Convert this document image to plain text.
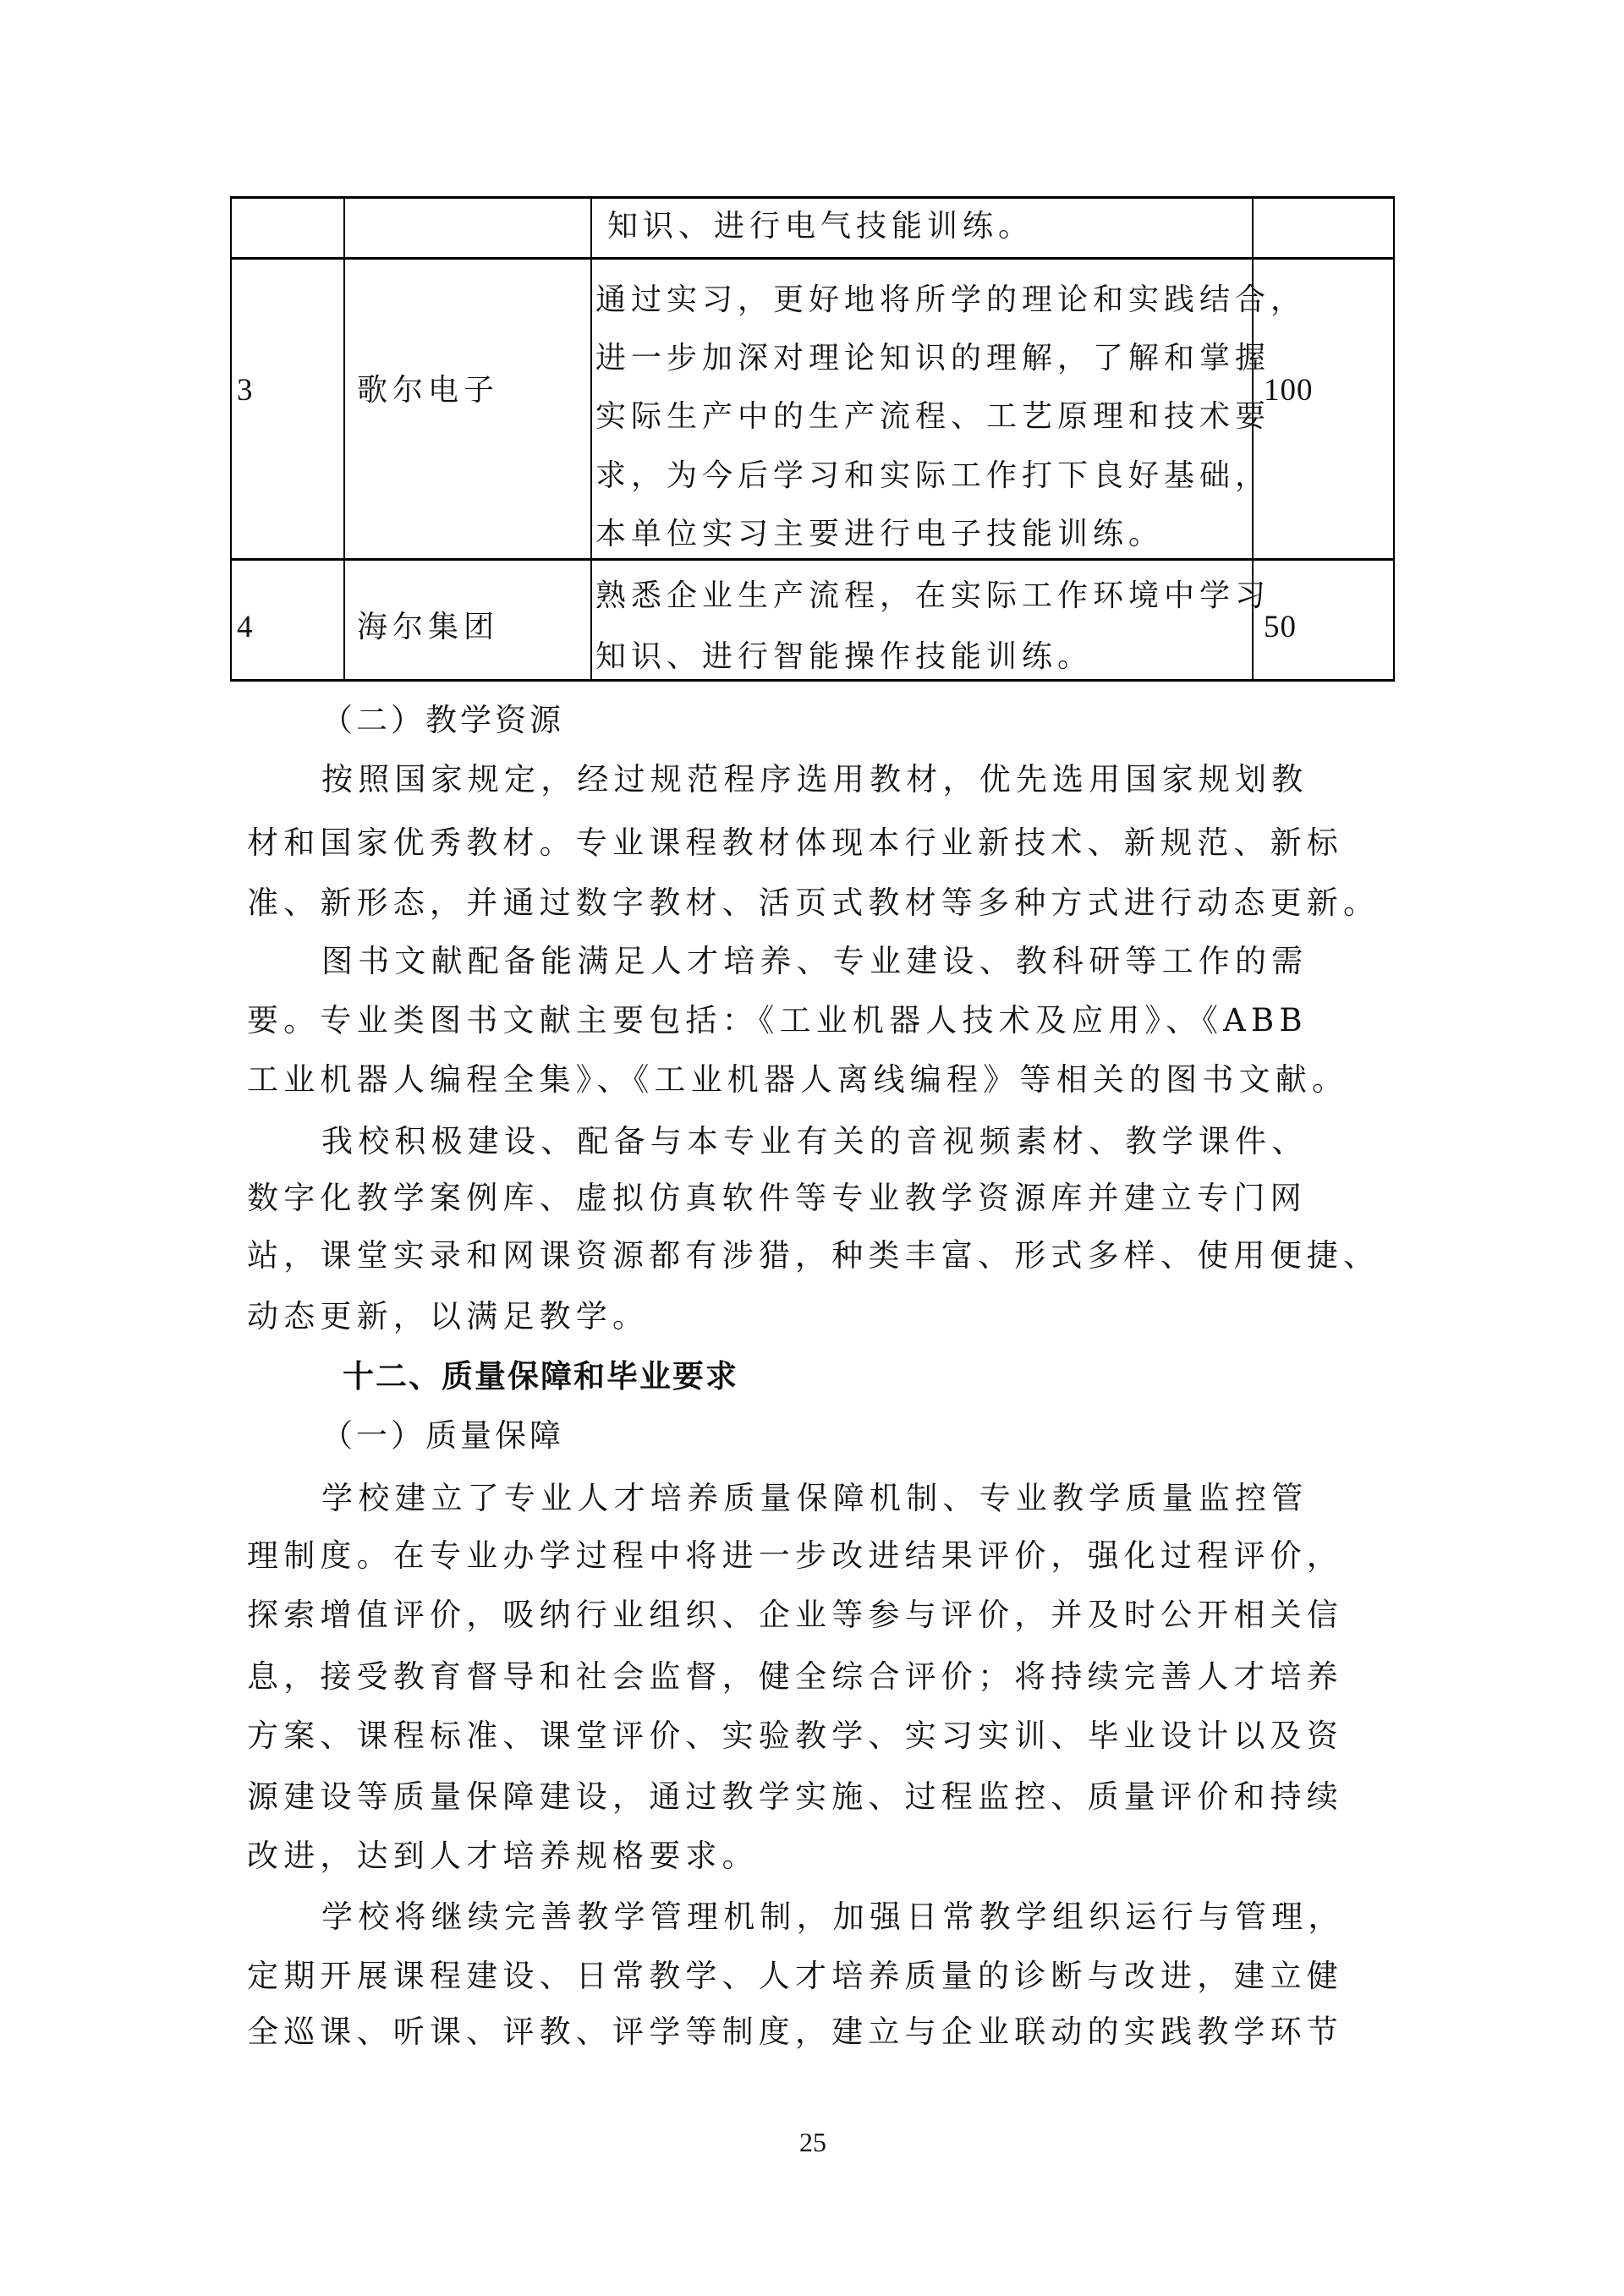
知识、进行电气技能训练。
3	歌尔电子
通过实习，更好地将所学的理论和实践结合，
进一步加深对理论知识的理解，了解和掌握
实际生产中的生产流程、工艺原理和技术要
求，为今后学习和实际工作打下良好基础，
本单位实习主要进行电子技能训练。
100
4	海尔集团
熟悉企业生产流程，在实际工作环境中学习
知识、进行智能操作技能训练。
50
（二）教学资源
按照国家规定，经过规范程序选用教材，优先选用国家规划教
材和国家优秀教材。专业课程教材体现本行业新技术、新规范、新标
准、新形态，并通过数字教材、活页式教材等多种方式进行动态更新。
图书文献配备能满足人才培养、专业建设、教科研等工作的需
要。专业类图书文献主要包括：《工业机器人技术及应用》、《ABB
工业机器人编程全集》、《工业机器人离线编程》等相关的图书文献。
我校积极建设、配备与本专业有关的音视频素材、教学课件、
数字化教学案例库、虚拟仿真软件等专业教学资源库并建立专门网
站，课堂实录和网课资源都有涉猎，种类丰富、形式多样、使用便捷、
动态更新，以满足教学。
十二、质量保障和毕业要求
（一）质量保障
学校建立了专业人才培养质量保障机制、专业教学质量监控管
理制度。在专业办学过程中将进一步改进结果评价，强化过程评价，
探索增值评价，吸纳行业组织、企业等参与评价，并及时公开相关信
息，接受教育督导和社会监督，健全综合评价；将持续完善人才培养
方案、课程标准、课堂评价、实验教学、实习实训、毕业设计以及资
源建设等质量保障建设，通过教学实施、过程监控、质量评价和持续
改进，达到人才培养规格要求。
学校将继续完善教学管理机制，加强日常教学组织运行与管理，
定期开展课程建设、日常教学、人才培养质量的诊断与改进，建立健
全巡课、听课、评教、评学等制度，建立与企业联动的实践教学环节
25
